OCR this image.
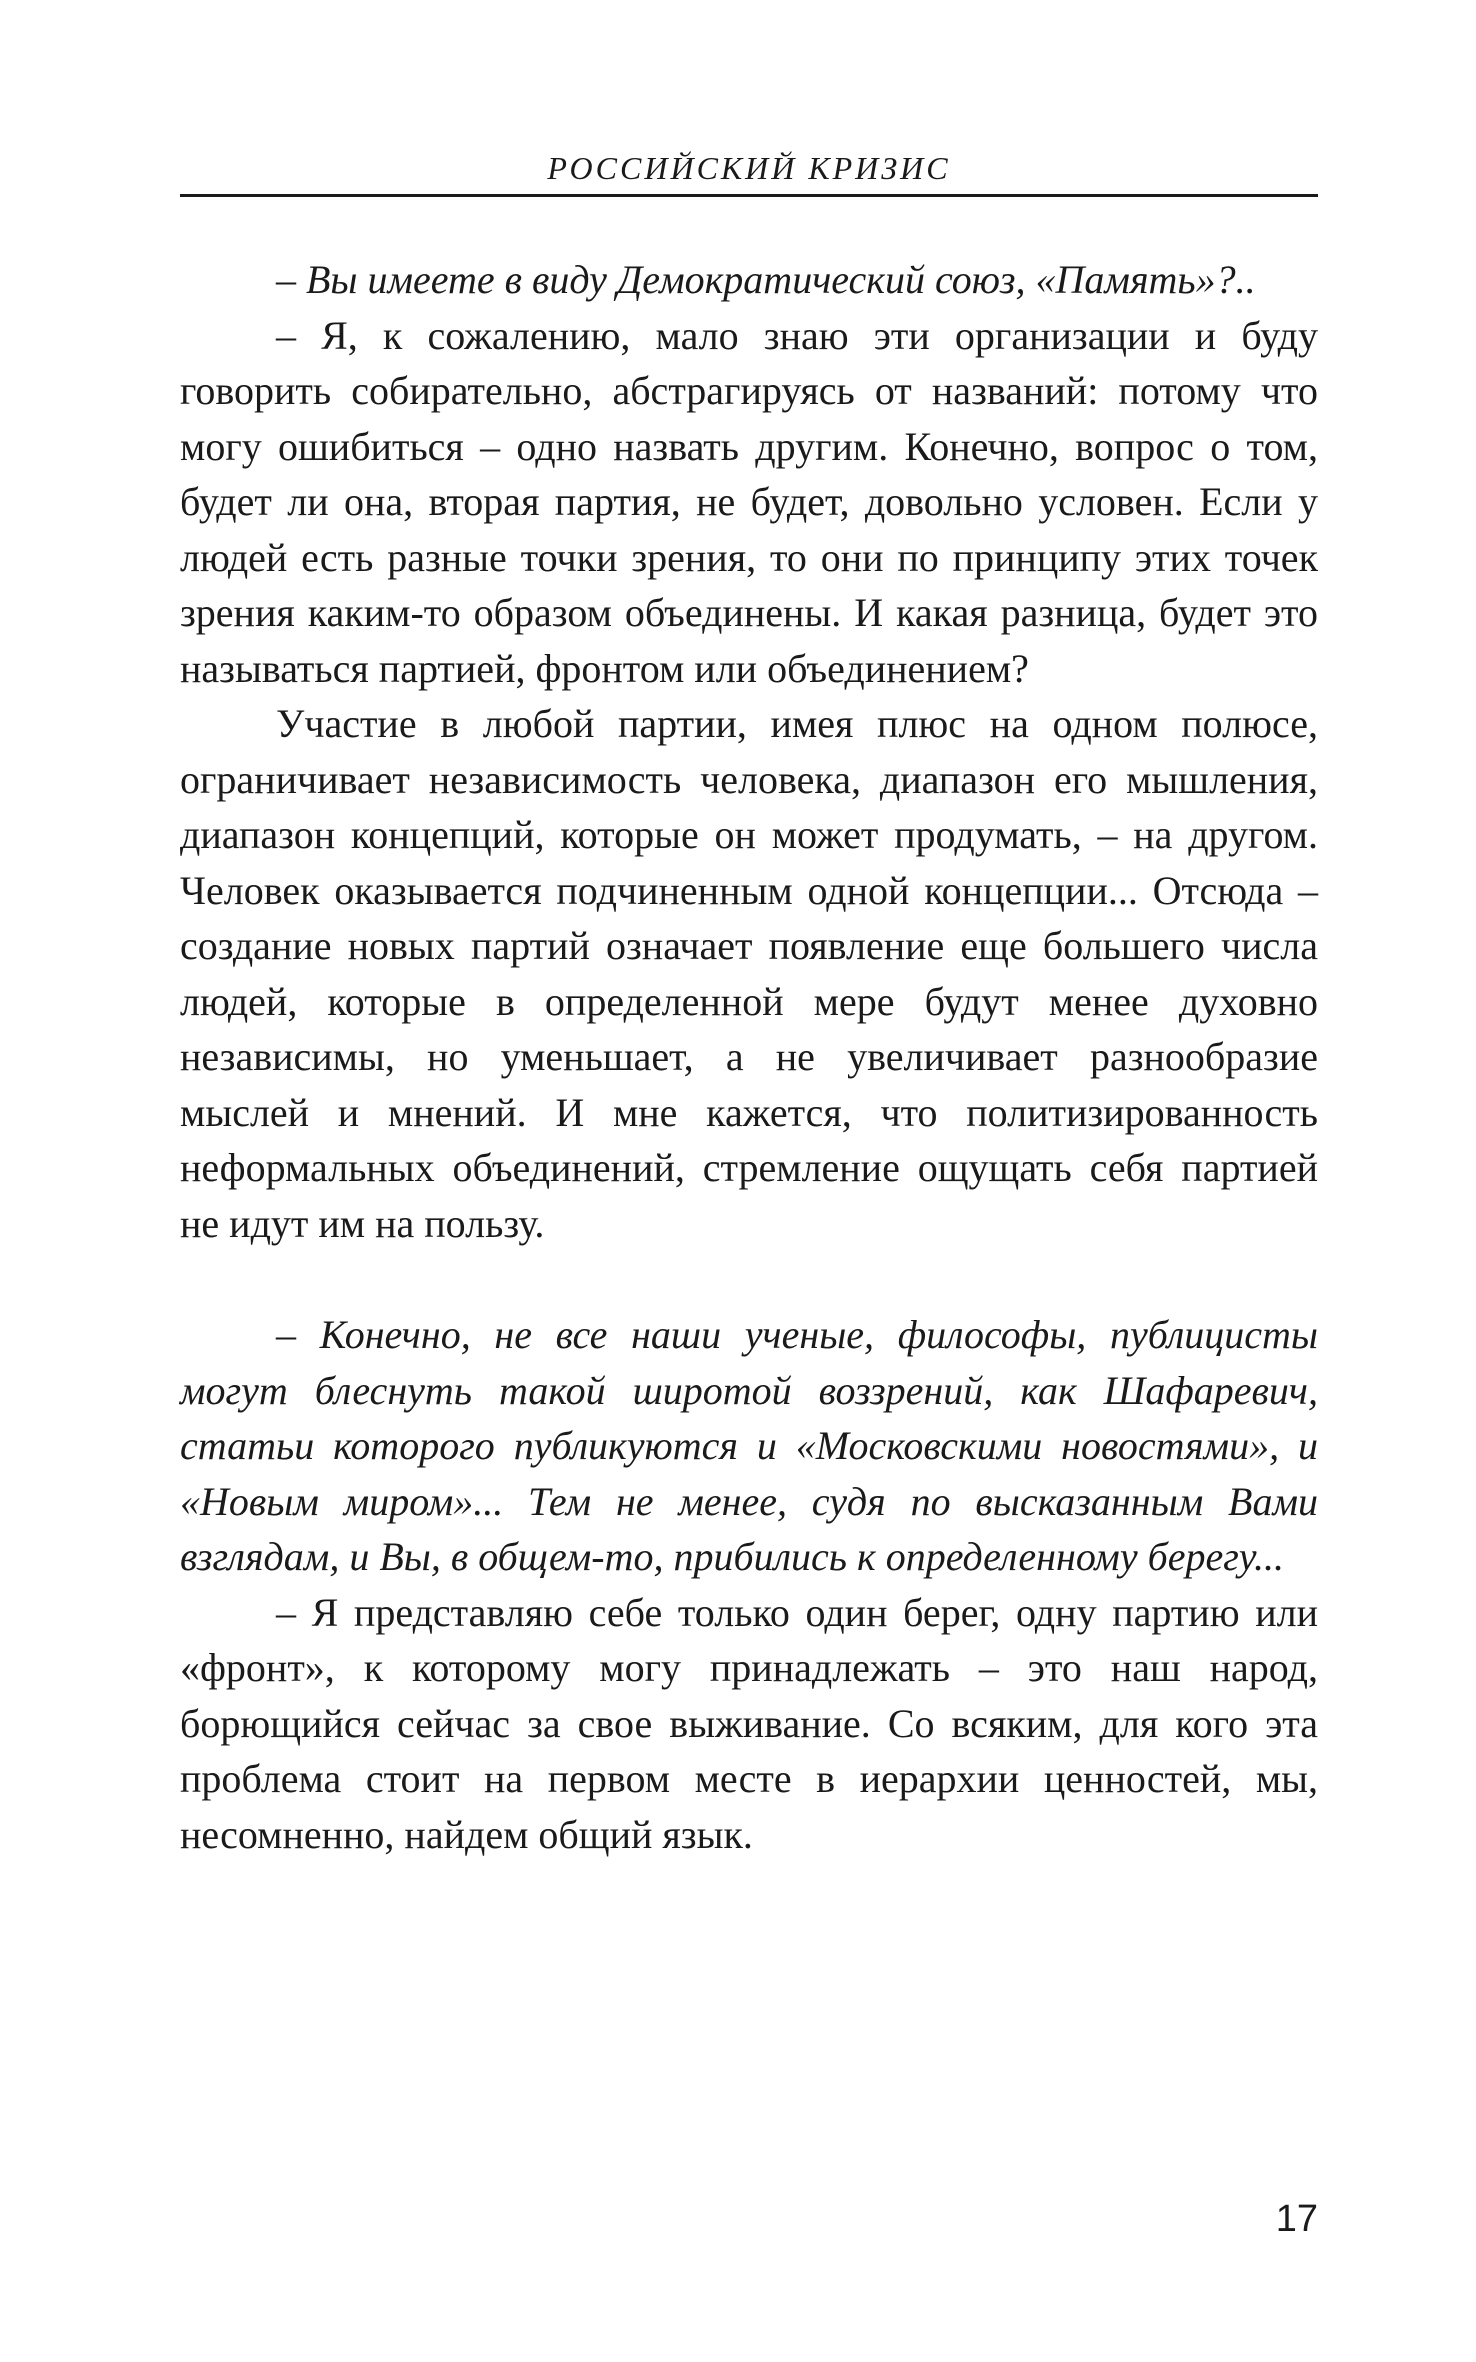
РОССИЙСКИЙ КРИЗИС

– Вы имеете в виду Демократический союз, «Память»?..

– Я, к сожалению, мало знаю эти организации и буду говорить собирательно, абстрагируясь от названий: потому что могу ошибиться – одно назвать другим. Конечно, вопрос о том, будет ли она, вторая партия, не будет, довольно условен. Если у людей есть разные точки зрения, то они по принципу этих точек зрения каким-то образом объединены. И какая разница, будет это называться партией, фронтом или объединением?

Участие в любой партии, имея плюс на одном полюсе, ограничивает независимость человека, диапазон его мышления, диапазон концепций, которые он может продумать, – на другом. Человек оказывается подчиненным одной концепции... Отсюда – создание новых партий означает появление еще большего числа людей, которые в определенной мере будут менее духовно независимы, но уменьшает, а не увеличивает разнообразие мыслей и мнений. И мне кажется, что политизированность неформальных объединений, стремление ощущать себя партией не идут им на пользу.

– Конечно, не все наши ученые, философы, публицисты могут блеснуть такой широтой воззрений, как Шафаревич, статьи которого публикуются и «Московскими новостями», и «Новым миром»... Тем не менее, судя по высказанным Вами взглядам, и Вы, в общем-то, прибились к определенному берегу...

– Я представляю себе только один берег, одну партию или «фронт», к которому могу принадлежать – это наш народ, борющийся сейчас за свое выживание. Со всяким, для кого эта проблема стоит на первом месте в иерархии ценностей, мы, несомненно, найдем общий язык.

17
